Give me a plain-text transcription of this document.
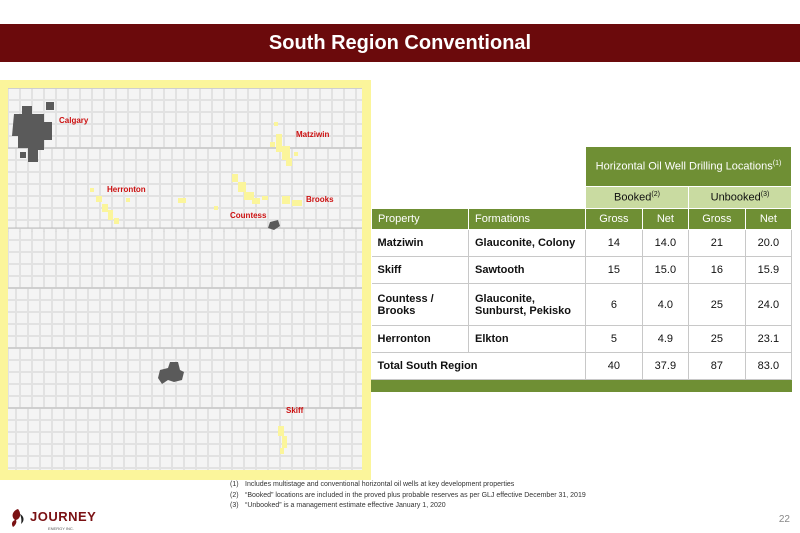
South Region Conventional
Calgary
Matziwin
Herronton
Brooks
Countess
Skiff
		Horizontal Oil Well Drilling Locations$^{(1)}$
		Booked$^{(2)}$		Unbooked$^{(3)}$
Property	Formations	Gross	Net	Gross	Net
Matziwin	Glauconite, Colony	14	14.0	21	20.0
Skiff	Sawtooth	15	15.0	16	15.9
Countess / Brooks	Glauconite, Sunburst, Pekisko	6	4.0	25	24.0
Herronton	Elkton	5	4.9	25	23.1
Total South Region		40	37.9	87	83.0

(1) Includes multistage and conventional horizontal oil wells at key development properties
(2) “Booked” locations are included in the proved plus probable reserves as per GLJ effective December 31, 2019
(3) “Unbooked” is a management estimate effective January 1, 2020
JOURNEY
ENERGY INC.
22
